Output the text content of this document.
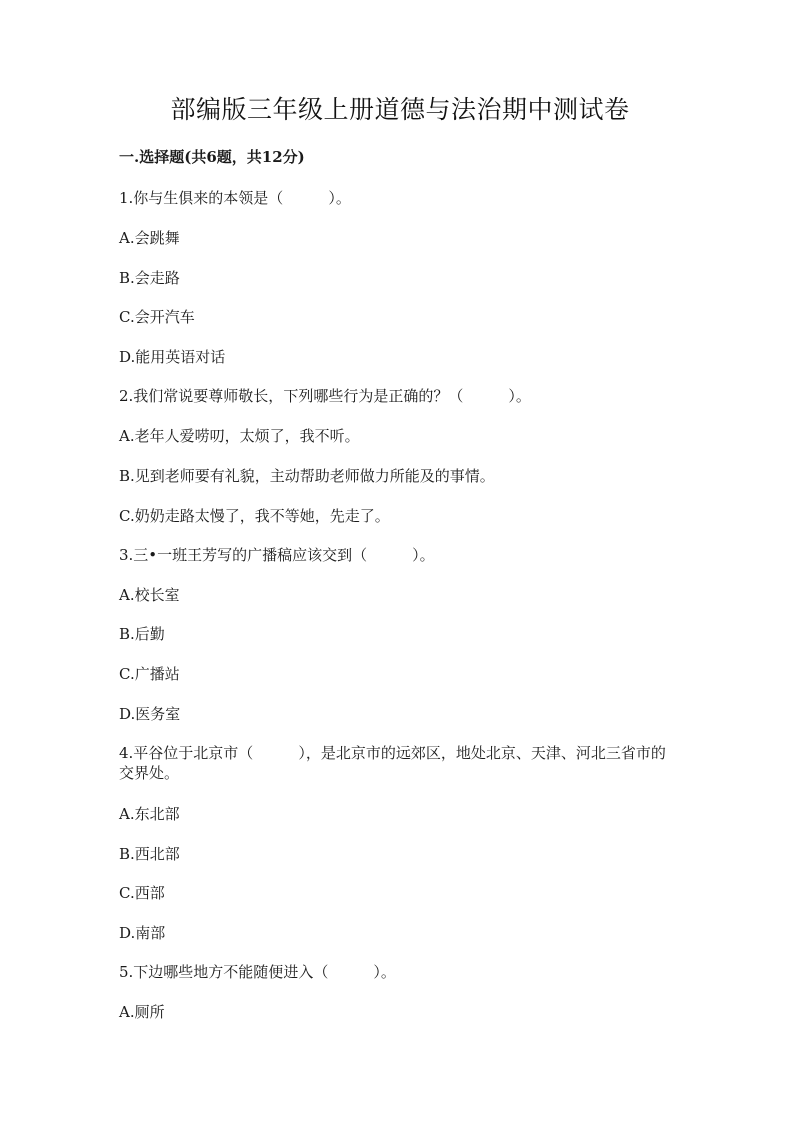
部编版三年级上册道德与法治期中测试卷
一.选择题(共6题，共12分)
1.你与生俱来的本领是（　　　）。
A.会跳舞
B.会走路
C.会开汽车
D.能用英语对话
2.我们常说要尊师敬长，下列哪些行为是正确的？（　　　）。
A.老年人爱唠叨，太烦了，我不听。
B.见到老师要有礼貌，主动帮助老师做力所能及的事情。
C.奶奶走路太慢了，我不等她，先走了。
3.三•一班王芳写的广播稿应该交到（　　　）。
A.校长室
B.后勤
C.广播站
D.医务室
4.平谷位于北京市（　　　），是北京市的远郊区，地处北京、天津、河北三省市的交界处。
A.东北部
B.西北部
C.西部
D.南部
5.下边哪些地方不能随便进入（　　　）。
A.厕所
